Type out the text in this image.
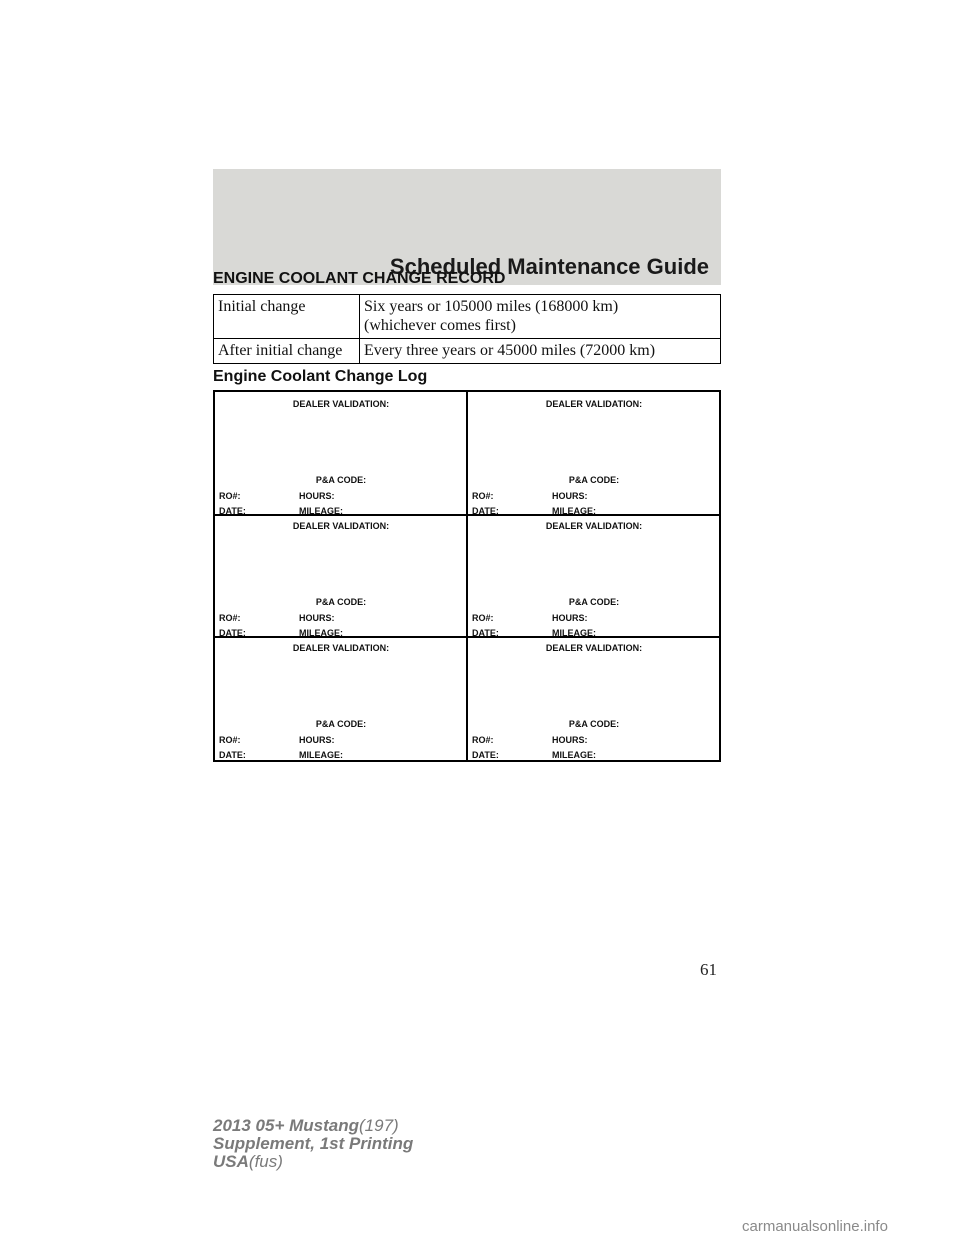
Scheduled Maintenance Guide
ENGINE COOLANT CHANGE RECORD
Initial change	Six years or 105000 miles (168000 km)
(whichever comes first)

After initial change	Every three years or 45000 miles (72000 km)
Engine Coolant Change Log
DEALER VALIDATION:
P&A CODE:
RO#:	HOURS:
DATE:	MILEAGE:
DEALER VALIDATION:
P&A CODE:
RO#:	HOURS:
DATE:	MILEAGE:
DEALER VALIDATION:
P&A CODE:
RO#:	HOURS:
DATE:	MILEAGE:
DEALER VALIDATION:
P&A CODE:
RO#:	HOURS:
DATE:	MILEAGE:
DEALER VALIDATION:
P&A CODE:
RO#:	HOURS:
DATE:	MILEAGE:
DEALER VALIDATION:
P&A CODE:
RO#:	HOURS:
DATE:	MILEAGE:
61
2013 05+ Mustang(197)
Supplement, 1st Printing
USA(fus)
carmanualsonline.info
